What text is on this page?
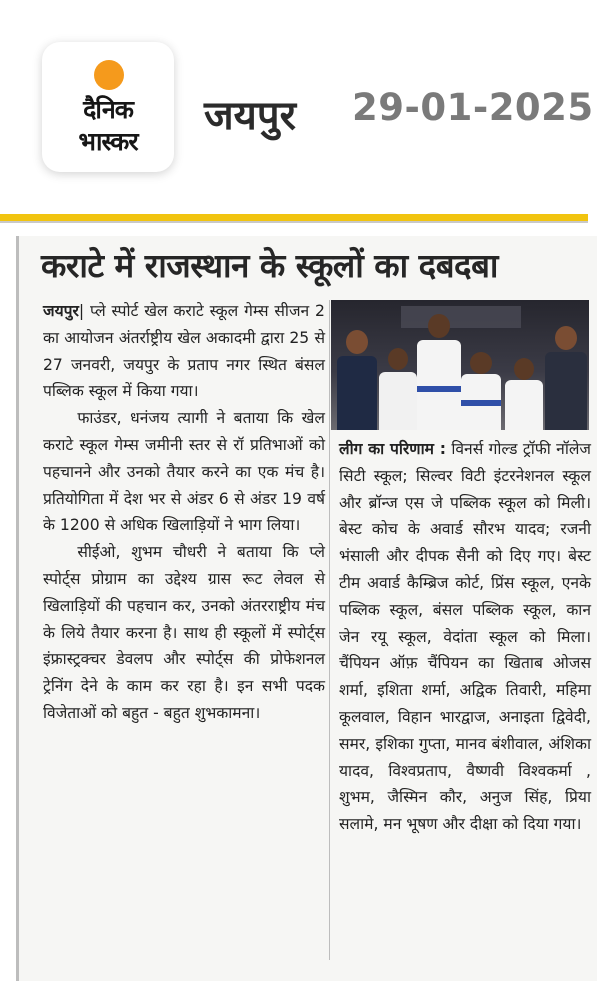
दैनिक
भास्कर
जयपुर 29-01-2025
कराटे में राजस्थान के स्कूलों का दबदबा

जयपुर| प्ले स्पोर्ट खेल कराटे स्कूल गेम्स सीजन 2 का आयोजन अंतर्राष्ट्रीय खेल अकादमी द्वारा 25 से 27 जनवरी, जयपुर के प्रताप नगर स्थित बंसल पब्लिक स्कूल में किया गया।

फाउंडर, धनंजय त्यागी ने बताया कि खेल कराटे स्कूल गेम्स जमीनी स्तर से रॉ प्रतिभाओं को पहचानने और उनको तैयार करने का एक मंच है। प्रतियोगिता में देश भर से अंडर 6 से अंडर 19 वर्ष के 1200 से अधिक खिलाड़ियों ने भाग लिया।

सीईओ, शुभम चौधरी ने बताया कि प्ले स्पोर्ट्स प्रोग्राम का उद्देश्य ग्रास रूट लेवल से खिलाड़ियों की पहचान कर, उनको अंतरराष्ट्रीय मंच के लिये तैयार करना है। साथ ही स्कूलों में स्पोर्ट्स इंफ्रास्ट्रक्चर डेवलप और स्पोर्ट्स की प्रोफेशनल ट्रेनिंग देने के काम कर रहा है। इन सभी पदक विजेताओं को बहुत - बहुत शुभकामना।

लीग का परिणाम : विनर्स गोल्ड ट्रॉफी नॉलेज सिटी स्कूल; सिल्वर विटी इंटरनेशनल स्कूल और ब्रॉन्ज एस जे पब्लिक स्कूल को मिली। बेस्ट कोच के अवार्ड सौरभ यादव; रजनी भंसाली और दीपक सैनी को दिए गए। बेस्ट टीम अवार्ड कैम्ब्रिज कोर्ट, प्रिंस स्कूल, एनके पब्लिक स्कूल, बंसल पब्लिक स्कूल, कान जेन रयू स्कूल, वेदांता स्कूल को मिला। चैंपियन ऑफ़ चैंपियन का खिताब ओजस शर्मा, इशिता शर्मा, अद्विक तिवारी, महिमा कूलवाल, विहान भारद्वाज, अनाइता द्विवेदी, समर, इशिका गुप्ता, मानव बंशीवाल, अंशिका यादव, विश्वप्रताप, वैष्णवी विश्वकर्मा , शुभम, जैस्मिन कौर, अनुज सिंह, प्रिया सलामे, मन भूषण और दीक्षा को दिया गया।
